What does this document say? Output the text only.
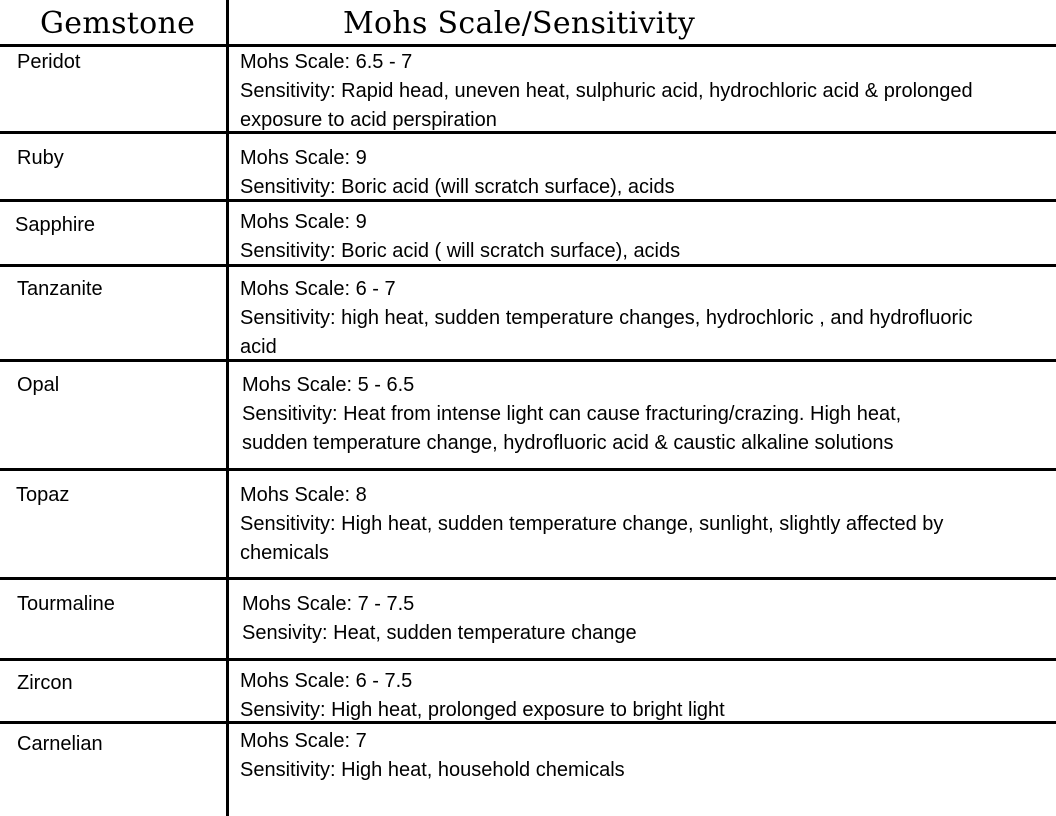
Gemstone	Mohs Scale/Sensitivity
Peridot	Mohs Scale: 6.5 - 7
Sensitivity: Rapid head, uneven heat, sulphuric acid, hydrochloric acid & prolonged
exposure to acid perspiration
Ruby	Mohs Scale: 9
Sensitivity: Boric acid (will scratch surface), acids
Sapphire	Mohs Scale: 9
Sensitivity: Boric acid ( will scratch surface), acids
Tanzanite	Mohs Scale: 6 - 7
Sensitivity: high heat, sudden temperature changes, hydrochloric , and hydrofluoric
acid
Opal	Mohs Scale: 5 - 6.5
Sensitivity: Heat from intense light can cause fracturing/crazing. High heat,
sudden temperature change, hydrofluoric acid & caustic alkaline solutions
Topaz	Mohs Scale: 8
Sensitivity: High heat, sudden temperature change, sunlight, slightly affected by
chemicals
Tourmaline	Mohs Scale: 7 - 7.5
Sensivity: Heat, sudden temperature change
Zircon	Mohs Scale: 6 - 7.5
Sensivity: High heat, prolonged exposure to bright light
Carnelian	Mohs Scale: 7
Sensitivity: High heat, household chemicals
